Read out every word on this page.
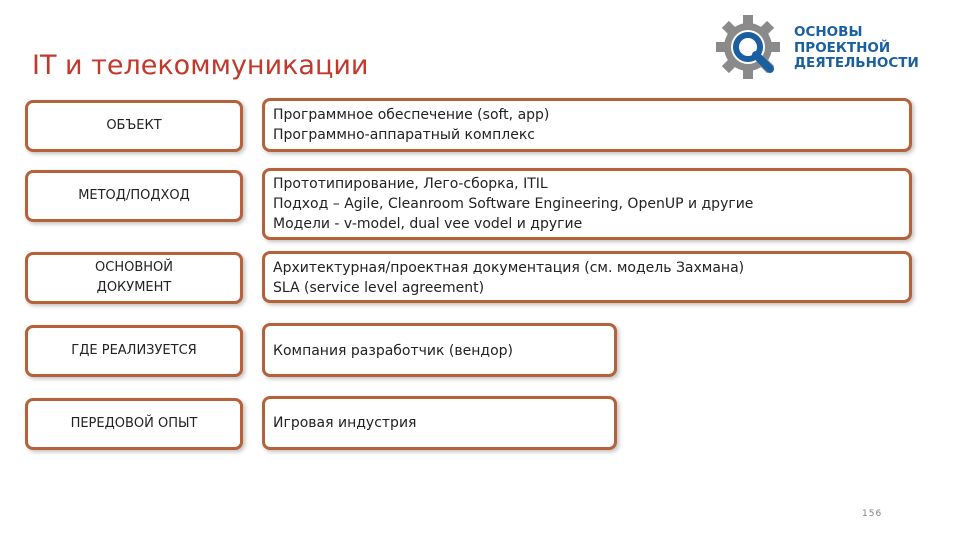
IT и телекоммуникации
ОСНОВЫ
ПРОЕКТНОЙ
ДЕЯТЕЛЬНОСТИ
ОБЪЕКТ
Программное обеспечение (soft, app)
Программно-аппаратный комплекс
МЕТОД/ПОДХОД
Прототипирование, Лего-сборка, ITIL
Подход – Agile, Cleanroom Software Engineering, OpenUP и другие
Модели - v-model, dual vee vodel и другие
ОСНОВНОЙ ДОКУМЕНТ
Архитектурная/проектная документация (см. модель Захмана)
SLA (service level agreement)
ГДЕ РЕАЛИЗУЕТСЯ	Компания разработчик (вендор)
ПЕРЕДОВОЙ ОПЫТ	Игровая индустрия
156
